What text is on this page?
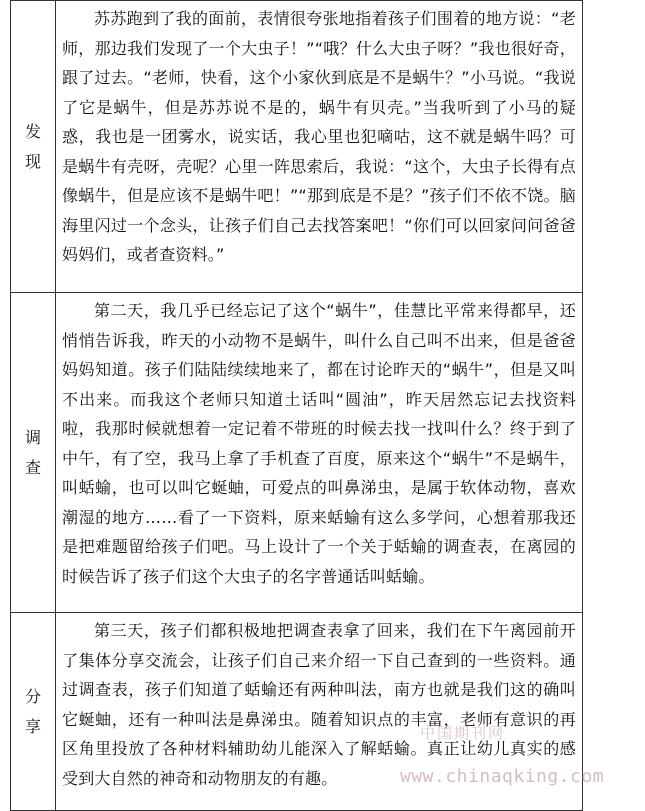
发
现	苏苏跑到了我的面前，表情很夸张地指着孩子们围着的地方说：“老师，那边我们发现了一个大虫子！”“哦？什么大虫子呀？”我也很好奇，跟了过去。“老师，快看，这个小家伙到底是不是蜗牛？”小马说。“我说了它是蜗牛，但是苏苏说不是的，蜗牛有贝壳。”当我听到了小马的疑惑，我也是一团雾水，说实话，我心里也犯嘀咕，这不就是蜗牛吗？可是蜗牛有壳呀，壳呢？心里一阵思索后，我说：“这个，大虫子长得有点像蜗牛，但是应该不是蜗牛吧！”“那到底是不是？”孩子们不依不饶。脑海里闪过一个念头，让孩子们自己去找答案吧！“你们可以回家问问爸爸妈妈们，或者查资料。”

调
查	第二天，我几乎已经忘记了这个“蜗牛”，佳慧比平常来得都早，还悄悄告诉我，昨天的小动物不是蜗牛，叫什么自己叫不出来，但是爸爸妈妈知道。孩子们陆陆续续地来了，都在讨论昨天的“蜗牛”，但是又叫不出来。而我这个老师只知道土话叫“圆油”，昨天居然忘记去找资料啦，我那时候就想着一定记着不带班的时候去找一找叫什么？终于到了中午，有了空，我马上拿了手机查了百度，原来这个“蜗牛”不是蜗牛，叫蛞蝓，也可以叫它蜒蚰，可爱点的叫鼻涕虫，是属于软体动物，喜欢潮湿的地方……看了一下资料，原来蛞蝓有这么多学问，心想着那我还是把难题留给孩子们吧。马上设计了一个关于蛞蝓的调查表，在离园的时候告诉了孩子们这个大虫子的名字普通话叫蛞蝓。

分
享	第三天，孩子们都积极地把调查表拿了回来，我们在下午离园前开了集体分享交流会，让孩子们自己来介绍一下自己查到的一些资料。通过调查表，孩子们知道了蛞蝓还有两种叫法，南方也就是我们这的确叫它蜒蚰，还有一种叫法是鼻涕虫。随着知识点的丰富，老师有意识的再区角里投放了各种材料辅助幼儿能深入了解蛞蝓。真正让幼儿真实的感受到大自然的神奇和动物朋友的有趣。
中国期刊网
www.chinaqking.com
